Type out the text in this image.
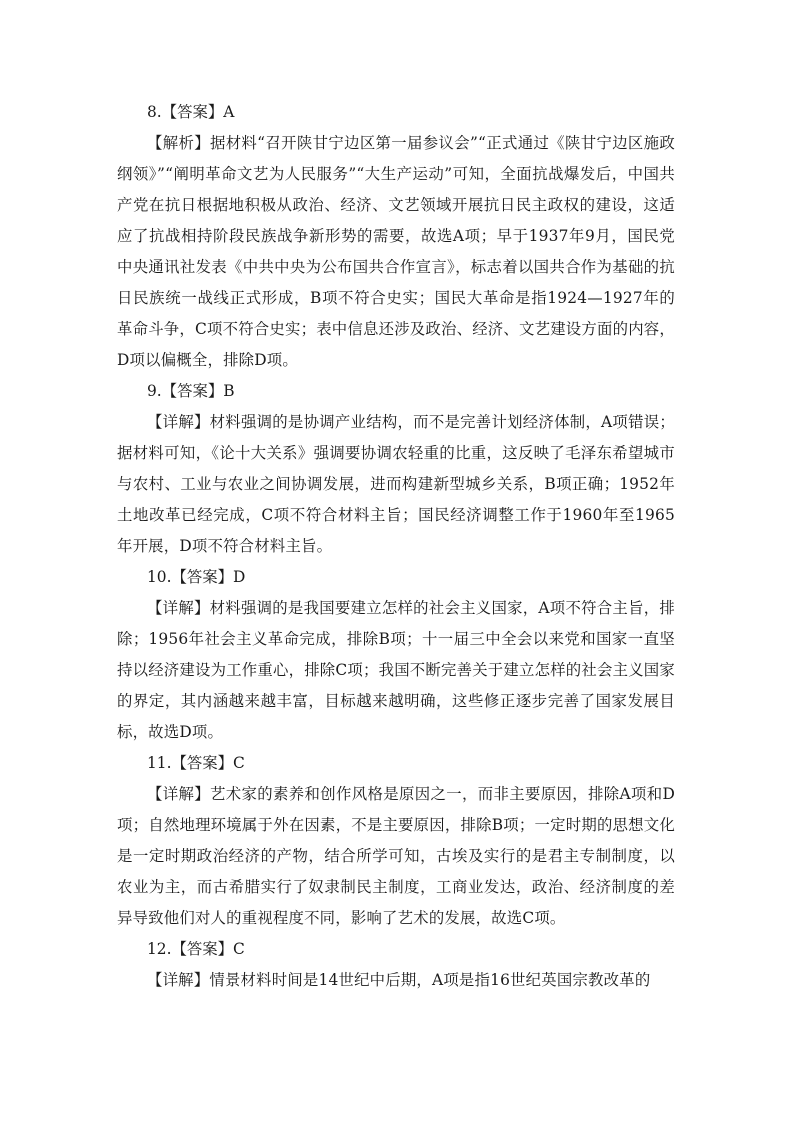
8.【答案】A

【解析】据材料“召开陕甘宁边区第一届参议会”“正式通过《陕甘宁边区施政纲领》”“阐明革命文艺为人民服务”“大生产运动”可知，全面抗战爆发后，中国共产党在抗日根据地积极从政治、经济、文艺领域开展抗日民主政权的建设，这适应了抗战相持阶段民族战争新形势的需要，故选A项；早于1937年9月，国民党中央通讯社发表《中共中央为公布国共合作宣言》，标志着以国共合作为基础的抗日民族统一战线正式形成，B项不符合史实；国民大革命是指1924—1927年的革命斗争，C项不符合史实；表中信息还涉及政治、经济、文艺建设方面的内容，D项以偏概全，排除D项。

9.【答案】B

【详解】材料强调的是协调产业结构，而不是完善计划经济体制，A项错误；据材料可知，《论十大关系》强调要协调农轻重的比重，这反映了毛泽东希望城市与农村、工业与农业之间协调发展，进而构建新型城乡关系，B项正确；1952年土地改革已经完成，C项不符合材料主旨；国民经济调整工作于1960年至1965年开展，D项不符合材料主旨。

10.【答案】D

【详解】材料强调的是我国要建立怎样的社会主义国家，A项不符合主旨，排除；1956年社会主义革命完成，排除B项；十一届三中全会以来党和国家一直坚持以经济建设为工作重心，排除C项；我国不断完善关于建立怎样的社会主义国家的界定，其内涵越来越丰富，目标越来越明确，这些修正逐步完善了国家发展目标，故选D项。

11.【答案】C

【详解】艺术家的素养和创作风格是原因之一，而非主要原因，排除A项和D项；自然地理环境属于外在因素，不是主要原因，排除B项；一定时期的思想文化是一定时期政治经济的产物，结合所学可知，古埃及实行的是君主专制制度，以农业为主，而古希腊实行了奴隶制民主制度，工商业发达，政治、经济制度的差异导致他们对人的重视程度不同，影响了艺术的发展，故选C项。

12.【答案】C

【详解】情景材料时间是14世纪中后期，A项是指16世纪英国宗教改革的
